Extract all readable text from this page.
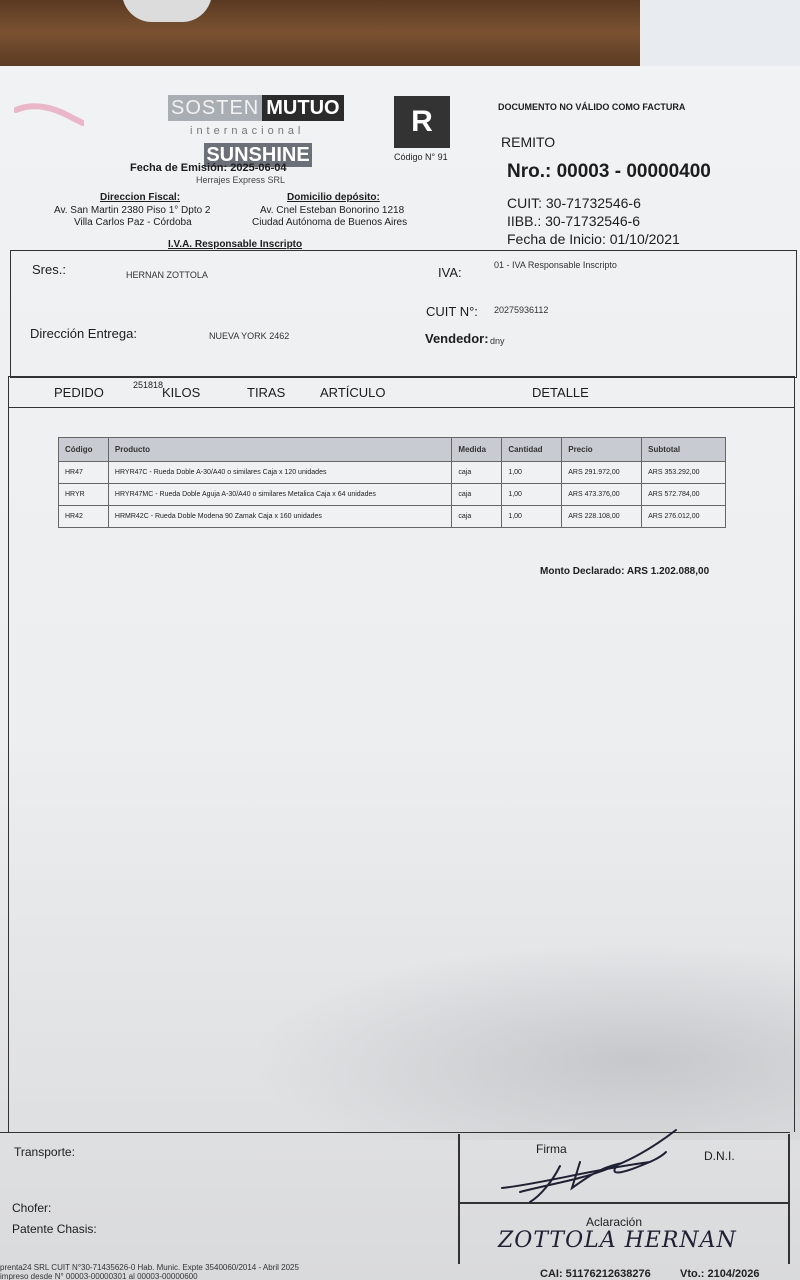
SOSTEN MUTUO
internacional
SUNSHINE
Fecha de Emisión: 2025-06-04
Herrajes Express SRL
R
Código N° 91
DOCUMENTO NO VÁLIDO COMO FACTURA
REMITO
Nro.: 00003 - 00000400
CUIT: 30-71732546-6
IIBB.: 30-71732546-6
Fecha de Inicio: 01/10/2021
Direccion Fiscal:
Av. San Martin 2380 Piso 1° Dpto 2
Villa Carlos Paz - Córdoba
Domicilio depósito:
Av. Cnel Esteban Bonorino 1218
Ciudad Autónoma de Buenos Aires
I.V.A. Responsable Inscripto
Sres.:	HERNAN ZOTTOLA	IVA:	01 - IVA Responsable Inscripto
CUIT N°: 20275936112
Dirección Entrega:	NUEVA YORK 2462	Vendedor: dny
PEDIDO	251818
KILOS	TIRAS	ARTÍCULO	DETALLE
Código	Producto	Medida	Cantidad	Precio	Subtotal
HR47	HRYR47C - Rueda Doble A-30/A40 o similares Caja x 120 unidades	caja	1,00	ARS 291.972,00	ARS 353.292,00
HRYR	HRYR47MC - Rueda Doble Aguja A-30/A40 o similares Metalica Caja x 64 unidades	caja	1,00	ARS 473.376,00	ARS 572.784,00
HR42	HRMR42C - Rueda Doble Modena 90 Zamak Caja x 160 unidades	caja	1,00	ARS 228.108,00	ARS 276.012,00
Monto Declarado: ARS 1.202.088,00
Transporte:
Chofer:
Patente Chasis:
Firma	D.N.I.
Aclaración
ZOTTOLA HERNAN
prenta24 SRL CUIT N°30-71435626-0 Hab. Munic. Expte 3540060/2014 - Abril 2025
impreso desde N° 00003-00000301 al 00003-00000600	CAI: 51176212638276	Vto.: 2104/2026
